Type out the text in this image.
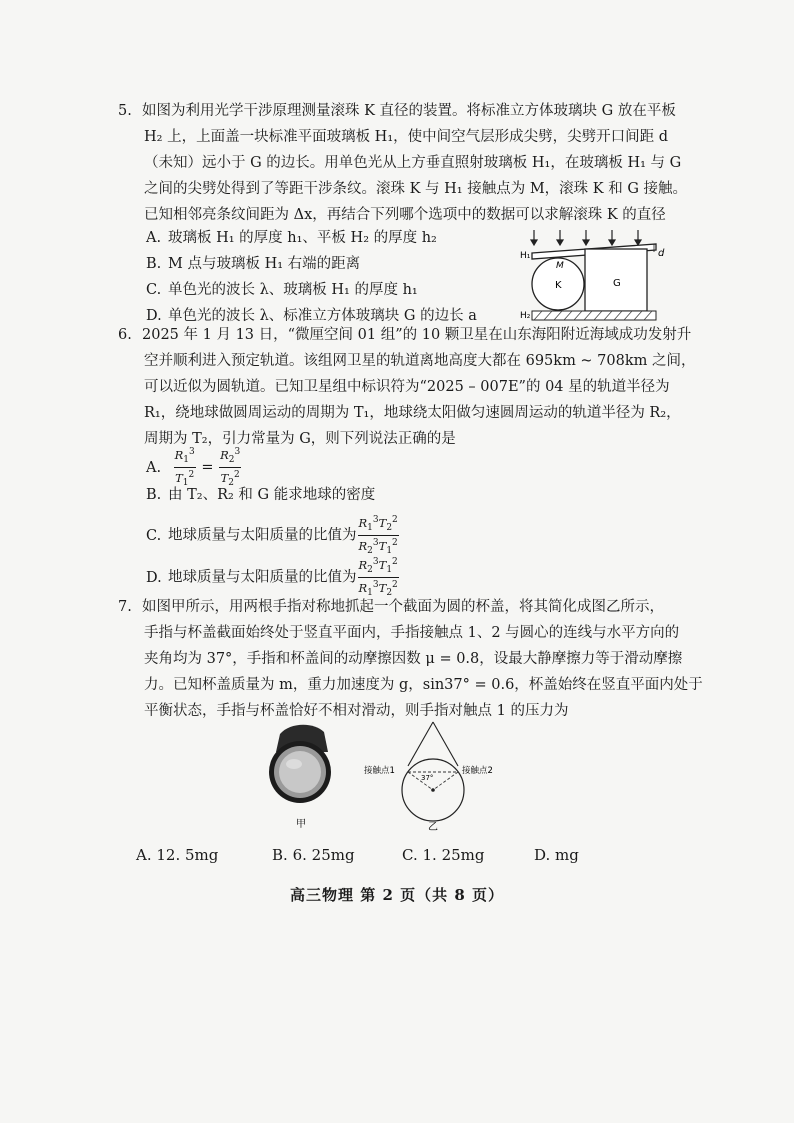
5. 如图为利用光学干涉原理测量滚珠 K 直径的装置。将标准立方体玻璃块 G 放在平板
H₂ 上，上面盖一块标准平面玻璃板 H₁，使中间空气层形成尖劈，尖劈开口间距 d
（未知）远小于 G 的边长。用单色光从上方垂直照射玻璃板 H₁，在玻璃板 H₁ 与 G
之间的尖劈处得到了等距干涉条纹。滚珠 K 与 H₁ 接触点为 M，滚珠 K 和 G 接触。
已知相邻亮条纹间距为 Δx，再结合下列哪个选项中的数据可以求解滚珠 K 的直径
A. 玻璃板 H₁ 的厚度 h₁、平板 H₂ 的厚度 h₂
B. M 点与玻璃板 H₁ 右端的距离
C. 单色光的波长 λ、玻璃板 H₁ 的厚度 h₁
D. 单色光的波长 λ、标准立方体玻璃块 G 的边长 a
H₁
H₂
M
K	G
d
6. 2025 年 1 月 13 日，“微厘空间 01 组”的 10 颗卫星在山东海阳附近海域成功发射升
空并顺利进入预定轨道。该组网卫星的轨道离地高度大都在 695km ~ 708km 之间，
可以近似为圆轨道。已知卫星组中标识符为“2025 – 007E”的 04 星的轨道半径为
R₁，绕地球做圆周运动的周期为 T₁，地球绕太阳做匀速圆周运动的轨道半径为 R₂，
周期为 T₂，引力常量为 G，则下列说法正确的是
A. $\frac{R_1^3}{T_1^2} = \frac{R_2^3}{T_2^2}$
B. 由 T₂、R₂ 和 G 能求地球的密度
C. 地球质量与太阳质量的比值为 $\frac{R_1^3T_2^2}{R_2^3T_1^2}$
D. 地球质量与太阳质量的比值为 $\frac{R_2^3T_1^2}{R_1^3T_2^2}$
7. 如图甲所示，用两根手指对称地抓起一个截面为圆的杯盖，将其简化成图乙所示，
手指与杯盖截面始终处于竖直平面内，手指接触点 1、2 与圆心的连线与水平方向的
夹角均为 37°，手指和杯盖间的动摩擦因数 μ = 0.8，设最大静摩擦力等于滑动摩擦
力。已知杯盖质量为 m，重力加速度为 g，sin37° = 0.6，杯盖始终在竖直平面内处于
平衡状态，手指与杯盖恰好不相对滑动，则手指对触点 1 的压力为
甲
37°
接触点1	接触点2
乙
A. 12. 5mg	B. 6. 25mg	C. 1. 25mg	D. mg
高三物理 第 2 页（共 8 页）
